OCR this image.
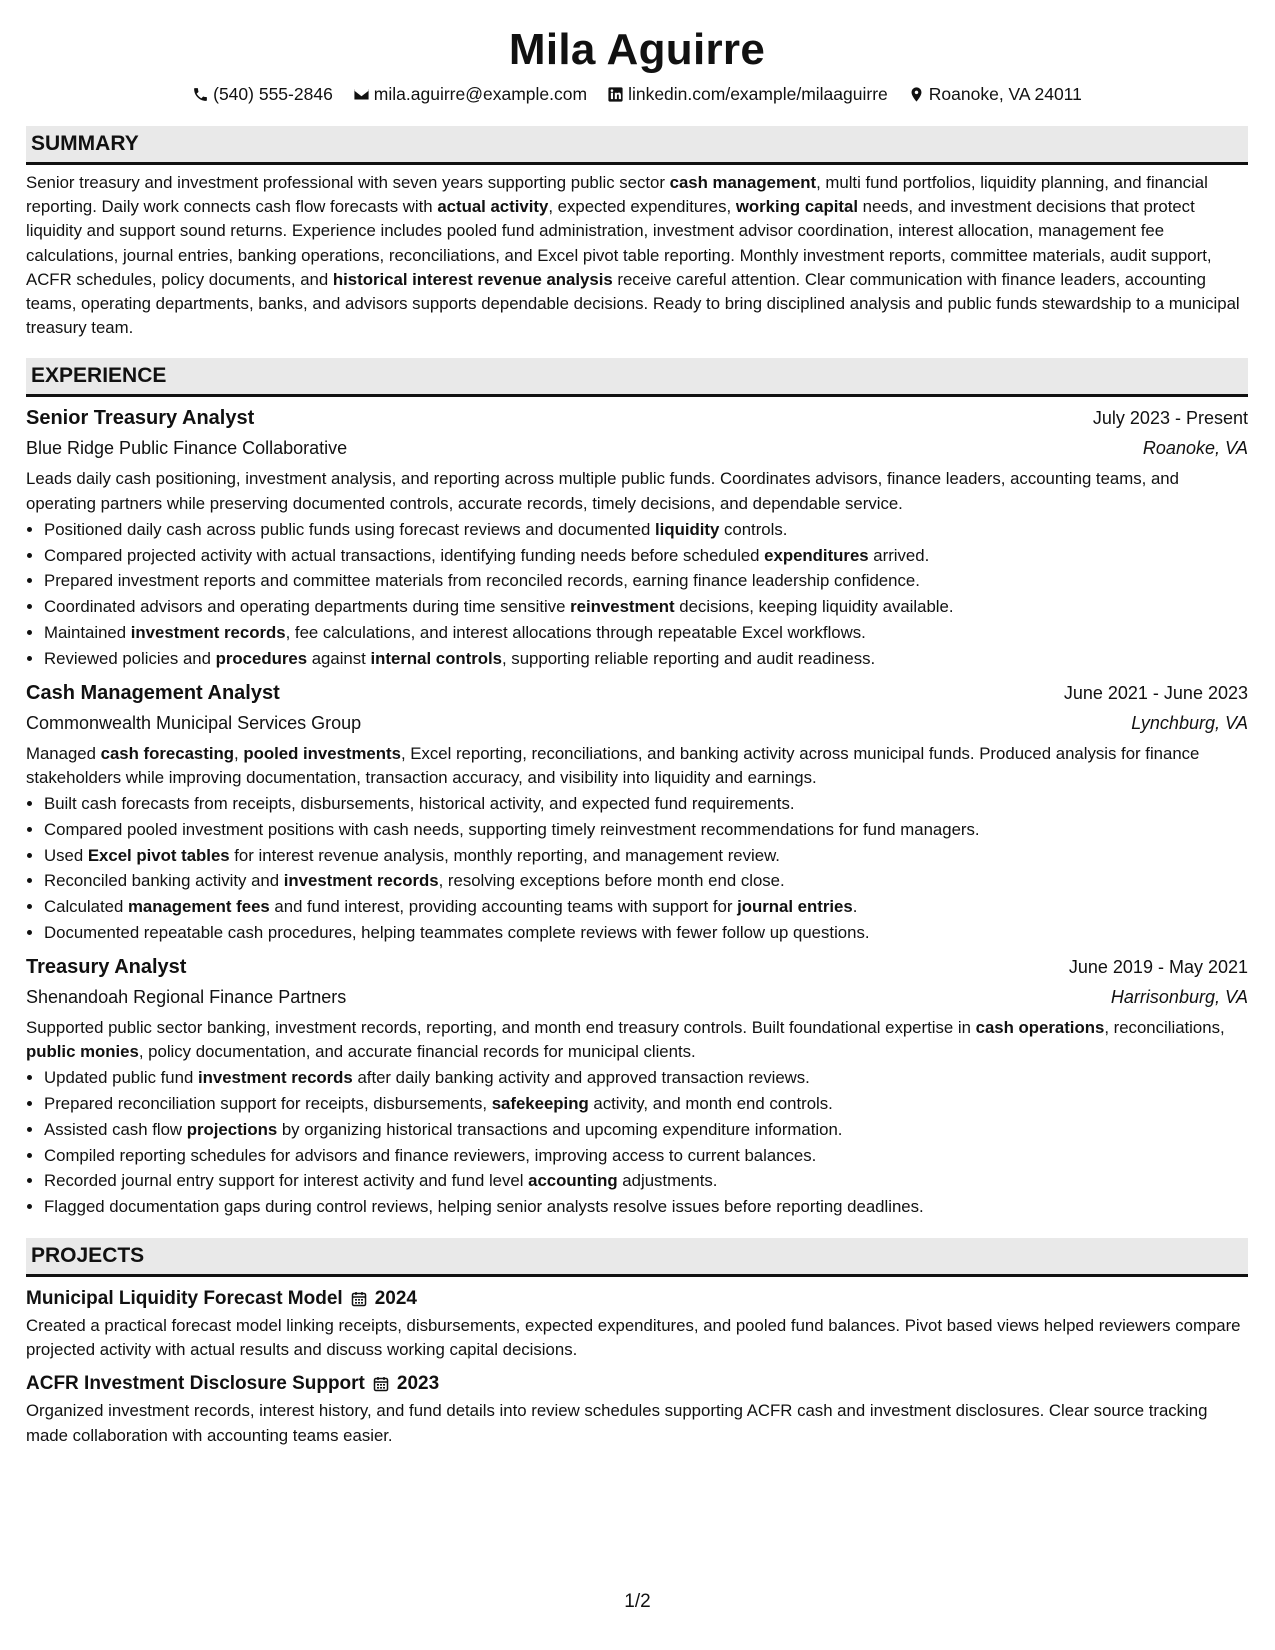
Mila Aguirre
(540) 555-2846 mila.aguirre@example.com linkedin.com/example/milaaguirre Roanoke, VA 24011
SUMMARY

Senior treasury and investment professional with seven years supporting public sector cash management, multi fund portfolios, liquidity planning, and financial reporting. Daily work connects cash flow forecasts with actual activity, expected expenditures, working capital needs, and investment decisions that protect liquidity and support sound returns. Experience includes pooled fund administration, investment advisor coordination, interest allocation, management fee calculations, journal entries, banking operations, reconciliations, and Excel pivot table reporting. Monthly investment reports, committee materials, audit support, ACFR schedules, policy documents, and historical interest revenue analysis receive careful attention. Clear communication with finance leaders, accounting teams, operating departments, banks, and advisors supports dependable decisions. Ready to bring disciplined analysis and public funds stewardship to a municipal treasury team.

EXPERIENCE
Senior Treasury Analyst	July 2023 - Present
Blue Ridge Public Finance Collaborative	Roanoke, VA

Leads daily cash positioning, investment analysis, and reporting across multiple public funds. Coordinates advisors, finance leaders, accounting teams, and operating partners while preserving documented controls, accurate records, timely decisions, and dependable service.

• Positioned daily cash across public funds using forecast reviews and documented liquidity controls.
• Compared projected activity with actual transactions, identifying funding needs before scheduled expenditures arrived.
• Prepared investment reports and committee materials from reconciled records, earning finance leadership confidence.
• Coordinated advisors and operating departments during time sensitive reinvestment decisions, keeping liquidity available.
• Maintained investment records, fee calculations, and interest allocations through repeatable Excel workflows.
• Reviewed policies and procedures against internal controls, supporting reliable reporting and audit readiness.
Cash Management Analyst	June 2021 - June 2023
Commonwealth Municipal Services Group	Lynchburg, VA

Managed cash forecasting, pooled investments, Excel reporting, reconciliations, and banking activity across municipal funds. Produced analysis for finance stakeholders while improving documentation, transaction accuracy, and visibility into liquidity and earnings.

• Built cash forecasts from receipts, disbursements, historical activity, and expected fund requirements.
• Compared pooled investment positions with cash needs, supporting timely reinvestment recommendations for fund managers.
• Used Excel pivot tables for interest revenue analysis, monthly reporting, and management review.
• Reconciled banking activity and investment records, resolving exceptions before month end close.
• Calculated management fees and fund interest, providing accounting teams with support for journal entries.
• Documented repeatable cash procedures, helping teammates complete reviews with fewer follow up questions.
Treasury Analyst	June 2019 - May 2021
Shenandoah Regional Finance Partners	Harrisonburg, VA

Supported public sector banking, investment records, reporting, and month end treasury controls. Built foundational expertise in cash operations, reconciliations, public monies, policy documentation, and accurate financial records for municipal clients.

• Updated public fund investment records after daily banking activity and approved transaction reviews.
• Prepared reconciliation support for receipts, disbursements, safekeeping activity, and month end controls.
• Assisted cash flow projections by organizing historical transactions and upcoming expenditure information.
• Compiled reporting schedules for advisors and finance reviewers, improving access to current balances.
• Recorded journal entry support for interest activity and fund level accounting adjustments.
• Flagged documentation gaps during control reviews, helping senior analysts resolve issues before reporting deadlines.
PROJECTS
Municipal Liquidity Forecast Model 2024

Created a practical forecast model linking receipts, disbursements, expected expenditures, and pooled fund balances. Pivot based views helped reviewers compare projected activity with actual results and discuss working capital decisions.

ACFR Investment Disclosure Support 2023

Organized investment records, interest history, and fund details into review schedules supporting ACFR cash and investment disclosures. Clear source tracking made collaboration with accounting teams easier.

1/2
